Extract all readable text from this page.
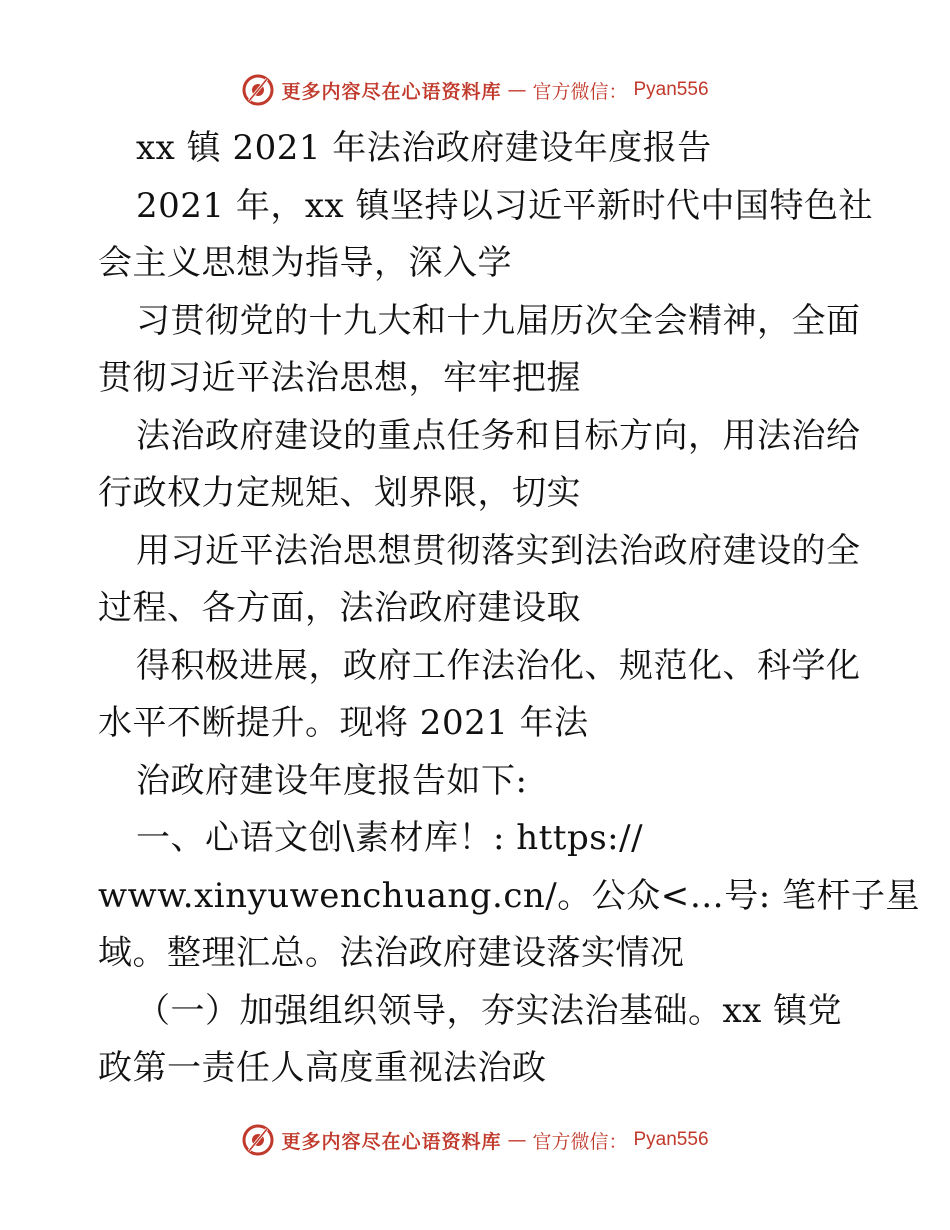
更多内容尽在心语资料库 — 官方微信： Pyan556
xx 镇 2021 年法治政府建设年度报告
2021 年，xx 镇坚持以习近平新时代中国特色社
会主义思想为指导，深入学
习贯彻党的十九大和十九届历次全会精神，全面
贯彻习近平法治思想，牢牢把握
法治政府建设的重点任务和目标方向，用法治给
行政权力定规矩、划界限，切实
用习近平法治思想贯彻落实到法治政府建设的全
过程、各方面，法治政府建设取
得积极进展，政府工作法治化、规范化、科学化
水平不断提升。现将 2021 年法
治政府建设年度报告如下:
一、心语文创\素材库！: https://
www.xinyuwenchuang.cn/。公众<…号: 笔杆子星
域。整理汇总。法治政府建设落实情况
（一）加强组织领导，夯实法治基础。xx 镇党
政第一责任人高度重视法治政
更多内容尽在心语资料库 — 官方微信： Pyan556
